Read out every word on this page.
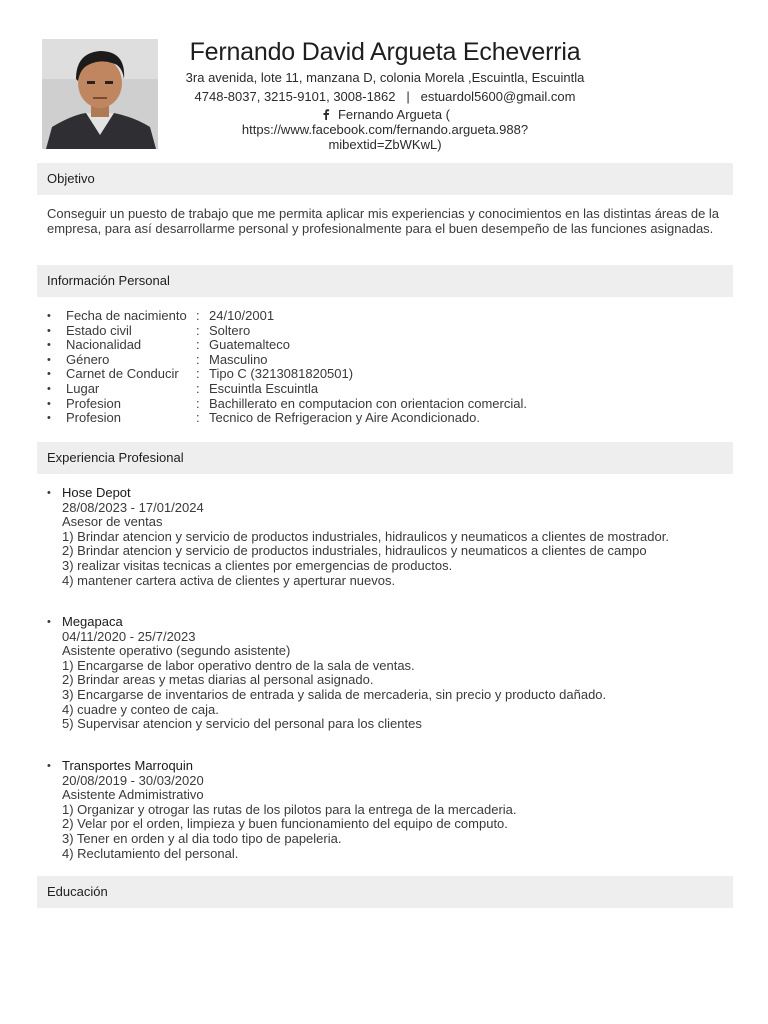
Fernando David Argueta Echeverria
3ra avenida, lote 11, manzana D, colonia Morela ,Escuintla, Escuintla
4748-8037, 3215-9101, 3008-1862 | estuardol5600@gmail.com
Fernando Argueta (
https://www.facebook.com/fernando.argueta.988?
mibextid=ZbWKwL)
Objetivo
Conseguir un puesto de trabajo que me permita aplicar mis experiencias y conocimientos en las distintas áreas de la empresa, para así desarrollarme personal y profesionalmente para el buen desempeño de las funciones asignadas.
Información Personal
• Fecha de nacimiento : 24/10/2001
• Estado civil	: Soltero
• Nacionalidad	: Guatemalteco
• Género	: Masculino
• Carnet de Conducir : Tipo C (3213081820501)
• Lugar	: Escuintla Escuintla
• Profesion	: Bachillerato en computacion con orientacion comercial.
• Profesion	: Tecnico de Refrigeracion y Aire Acondicionado.
Experiencia Profesional
• Hose Depot
28/08/2023 - 17/01/2024
Asesor de ventas
1) Brindar atencion y servicio de productos industriales, hidraulicos y neumaticos a clientes de mostrador.
2) Brindar atencion y servicio de productos industriales, hidraulicos y neumaticos a clientes de campo
3) realizar visitas tecnicas a clientes por emergencias de productos.
4) mantener cartera activa de clientes y aperturar nuevos.
• Megapaca
04/11/2020 - 25/7/2023
Asistente operativo (segundo asistente)
1) Encargarse de labor operativo dentro de la sala de ventas.
2) Brindar areas y metas diarias al personal asignado.
3) Encargarse de inventarios de entrada y salida de mercaderia, sin precio y producto dañado.
4) cuadre y conteo de caja.
5) Supervisar atencion y servicio del personal para los clientes
• Transportes Marroquin
20/08/2019 - 30/03/2020
Asistente Admimistrativo
1) Organizar y otrogar las rutas de los pilotos para la entrega de la mercaderia.
2) Velar por el orden, limpieza y buen funcionamiento del equipo de computo.
3) Tener en orden y al dia todo tipo de papeleria.
4) Reclutamiento del personal.
Educación
